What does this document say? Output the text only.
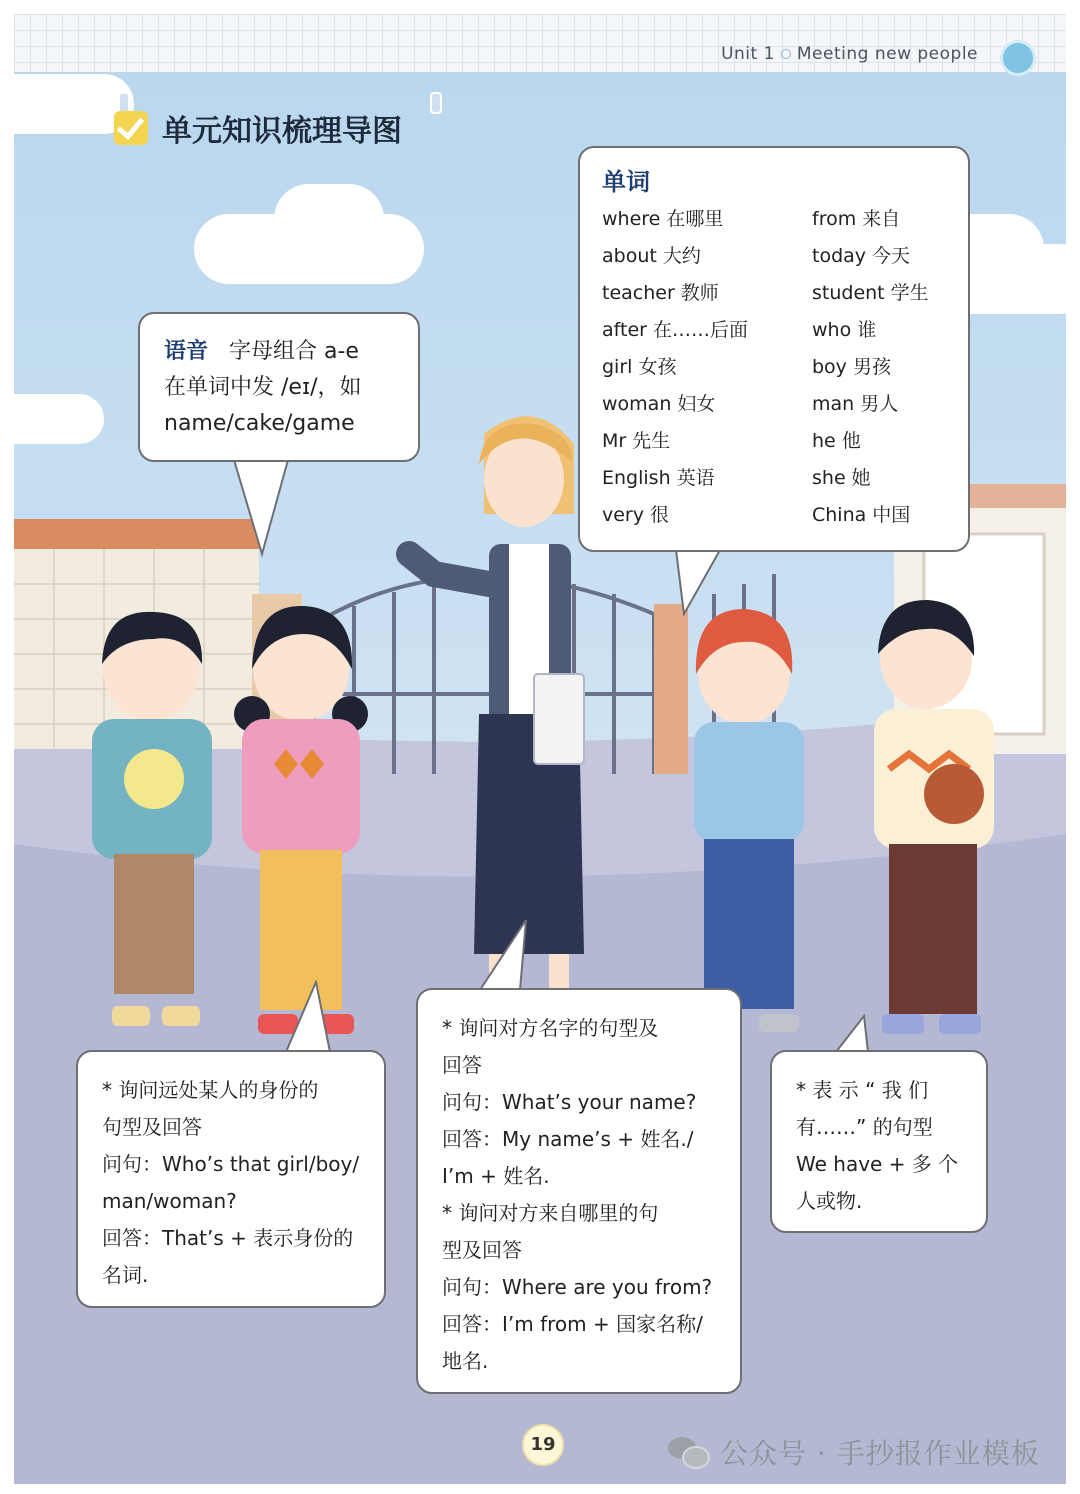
Unit 1 Meeting new people
单元知识梳理导图
语音 字母组合 a-e
在单词中发 /eɪ/，如
name/cake/game
单词
where 在哪里	from 来自
about 大约	today 今天
teacher 教师	student 学生
after 在……后面	who 谁
girl 女孩	boy 男孩
woman 妇女	man 男人
Mr 先生	he 他
English 英语	she 她
very 很	China 中国
* 询问远处某人的身份的
句型及回答
问句：Who’s that girl/boy/
man/woman?
回答：That’s + 表示身份的
名词.
* 询问对方名字的句型及
回答
问句：What’s your name?
回答：My name’s + 姓名./
I’m + 姓名.
* 询问对方来自哪里的句
型及回答
问句：Where are you from?
回答：I’m from + 国家名称/
地名.
* 表 示 “ 我 们
有……” 的句型
We have + 多 个
人或物.
19	公众号 · 手抄报作业模板
